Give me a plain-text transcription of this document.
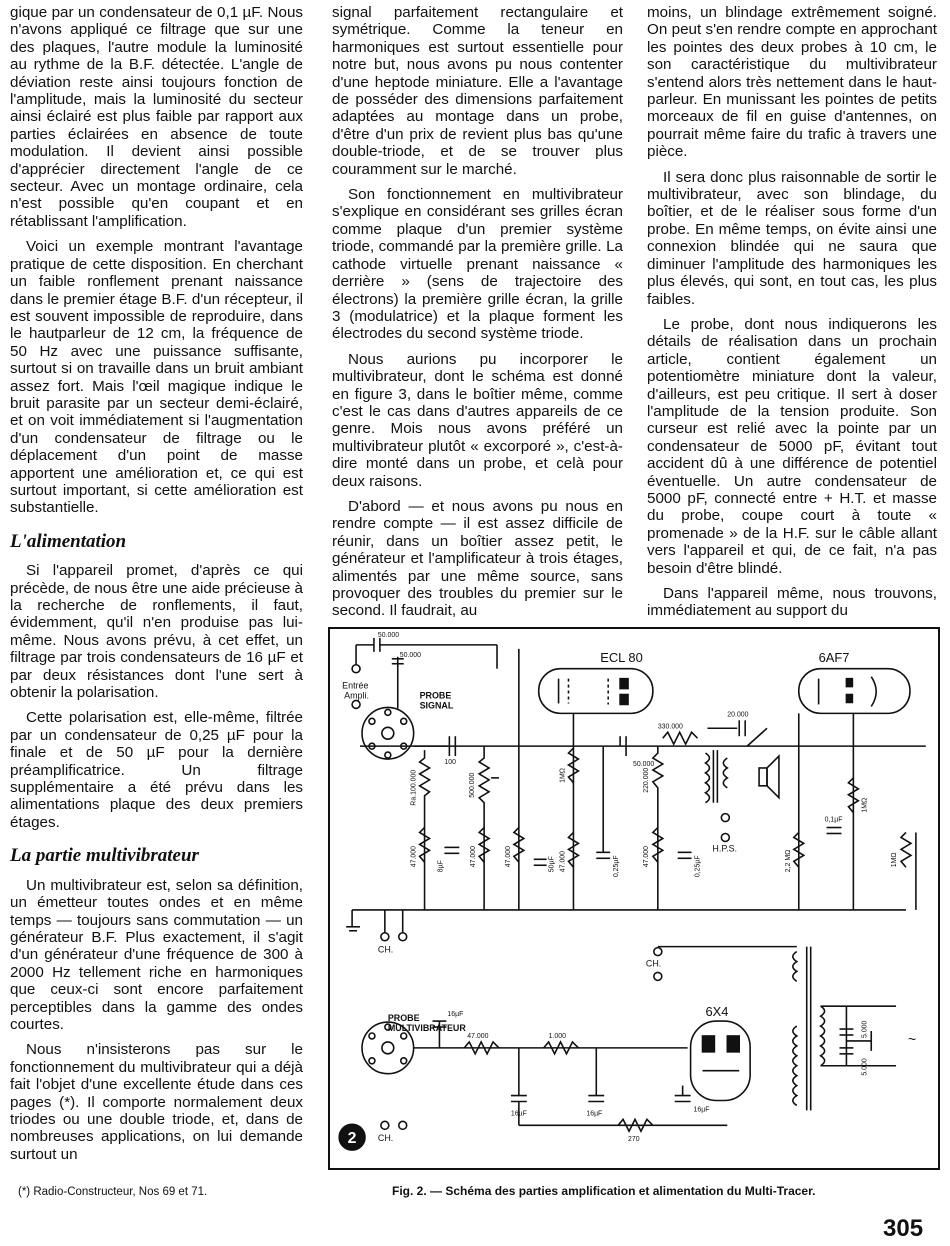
gique par un condensateur de 0,1 µF. Nous n'avons appliqué ce filtrage que sur une des plaques, l'autre module la luminosité au rythme de la B.F. détectée. L'angle de déviation reste ainsi toujours fonction de l'amplitude, mais la luminosité du secteur ainsi éclairé est plus faible par rapport aux parties éclairées en absence de toute modulation. Il devient ainsi possible d'apprécier directement l'angle de ce secteur. Avec un montage ordinaire, cela n'est possible qu'en coupant et en rétablissant l'amplification.

Voici un exemple montrant l'avantage pratique de cette disposition. En cherchant un faible ronflement prenant naissance dans le premier étage B.F. d'un récepteur, il est souvent impossible de reproduire, dans le hautparleur de 12 cm, la fréquence de 50 Hz avec une puissance suffisante, surtout si on travaille dans un bruit ambiant assez fort. Mais l'œil magique indique le bruit parasite par un secteur demi-éclairé, et on voit immédiatement si l'augmentation d'un condensateur de filtrage ou le déplacement d'un point de masse apportent une amélioration et, ce qui est surtout important, si cette amélioration est substantielle.

L'alimentation

Si l'appareil promet, d'après ce qui précède, de nous être une aide précieuse à la recherche de ronflements, il faut, évidemment, qu'il n'en produise pas lui-même. Nous avons prévu, à cet effet, un filtrage par trois condensateurs de 16 µF et par deux résistances dont l'une sert à obtenir la polarisation.

Cette polarisation est, elle-même, filtrée par un condensateur de 0,25 µF pour la finale et de 50 µF pour la dernière préamplificatrice. Un filtrage supplémentaire a été prévu dans les alimentations plaque des deux premiers étages.

La partie multivibrateur

Un multivibrateur est, selon sa définition, un émetteur toutes ondes et en même temps — toujours sans commutation — un générateur B.F. Plus exactement, il s'agit d'un générateur d'une fréquence de 300 à 2000 Hz tellement riche en harmoniques que ceux-ci sont encore parfaitement perceptibles dans la gamme des ondes courtes.

Nous n'insisterons pas sur le fonctionnement du multivibrateur qui a déjà fait l'objet d'une excellente étude dans ces pages (*). Il comporte normalement deux triodes ou une double triode, et, dans de nombreuses applications, on lui demande surtout un

signal parfaitement rectangulaire et symétrique. Comme la teneur en harmoniques est surtout essentielle pour notre but, nous avons pu nous contenter d'une heptode miniature. Elle a l'avantage de posséder des dimensions parfaitement adaptées au montage dans un probe, d'être d'un prix de revient plus bas qu'une double-triode, et de se trouver plus couramment sur le marché.

Son fonctionnement en multivibrateur s'explique en considérant ses grilles écran comme plaque d'un premier système triode, commandé par la première grille. La cathode virtuelle prenant naissance « derrière » (sens de trajectoire des électrons) la première grille écran, la grille 3 (modulatrice) et la plaque forment les électrodes du second système triode.

Nous aurions pu incorporer le multivibrateur, dont le schéma est donné en figure 3, dans le boîtier même, comme c'est le cas dans d'autres appareils de ce genre. Mois nous avons préféré un multivibrateur plutôt « excorporé », c'est-à-dire monté dans un probe, et celà pour deux raisons.

D'abord — et nous avons pu nous en rendre compte — il est assez difficile de réunir, dans un boîtier assez petit, le générateur et l'amplificateur à trois étages, alimentés par une même source, sans provoquer des troubles du premier sur le second. Il faudrait, au

moins, un blindage extrêmement soigné. On peut s'en rendre compte en approchant les pointes des deux probes à 10 cm, le son caractéristique du multivibrateur s'entend alors très nettement dans le haut-parleur. En munissant les pointes de petits morceaux de fil en guise d'antennes, on pourrait même faire du trafic à travers une pièce.

Il sera donc plus raisonnable de sortir le multivibrateur, avec son blindage, du boîtier, et de le réaliser sous forme d'un probe. En même temps, on évite ainsi une connexion blindée qui ne saura que diminuer l'amplitude des harmoniques les plus élevés, qui sont, en tout cas, les plus faibles.

Le probe, dont nous indiquerons les détails de réalisation dans un prochain article, contient également un potentiomètre miniature dont la valeur, d'ailleurs, est peu critique. Il sert à doser l'amplitude de la tension produite. Son curseur est relié avec la pointe par un condensateur de 5000 pF, évitant tout accident dû à une différence de potentiel éventuelle. Un autre condensateur de 5000 pF, connecté entre + H.T. et masse du probe, coupe court à toute « promenade » de la H.F. sur le câble allant vers l'appareil et qui, de ce fait, n'a pas besoin d'être blindé.

Dans l'appareil même, nous trouvons, immédiatement au support du

2
Entrée
Ampli.	PROBE
SIGNAL
PROBE
MULTIVIBRATEUR
ECL 80	6AF7
6X4
CH.
CH.
CH.
H.P.S.
50.000
50.000
100	50.000
20.000
330.000
0,1µF
Ra.100.000	500.000	1MΩ	220.000
2,2 MΩ
1MΩ
1MΩ
47.000	8µF	47.000	47.000	50µF 47.000	0,25µF	47.000	0,25µF
16µF
47.000	1.000
16µF	16µF
16µF
270
5.000
5.000
~
Fig. 2. — Schéma des parties amplification et alimentation du Multi-Tracer.
(*) Radio-Constructeur, Nos 69 et 71.
305
